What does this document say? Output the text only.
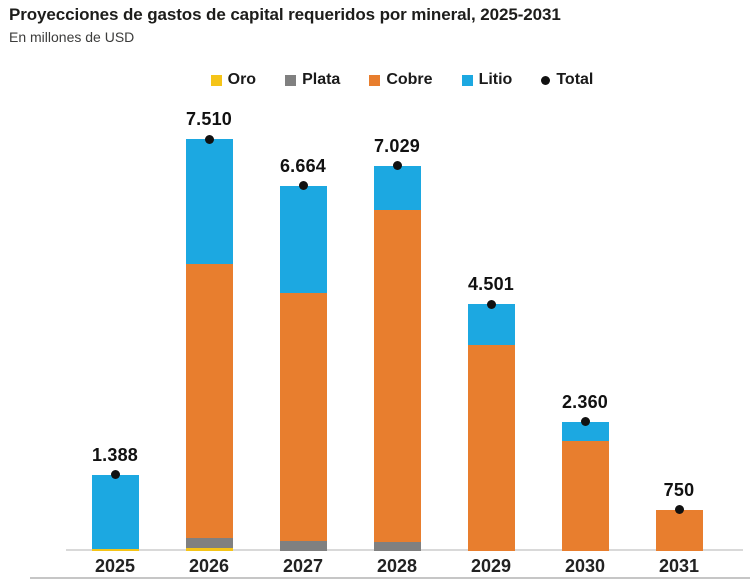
Proyecciones de gastos de capital requeridos por mineral, 2025-2031
En millones de USD
Oro	Plata	Cobre	Litio	Total
1.388
2025
7.510
2026
6.664
2027
7.029
2028
4.501
2029
2.360
2030
750
2031
